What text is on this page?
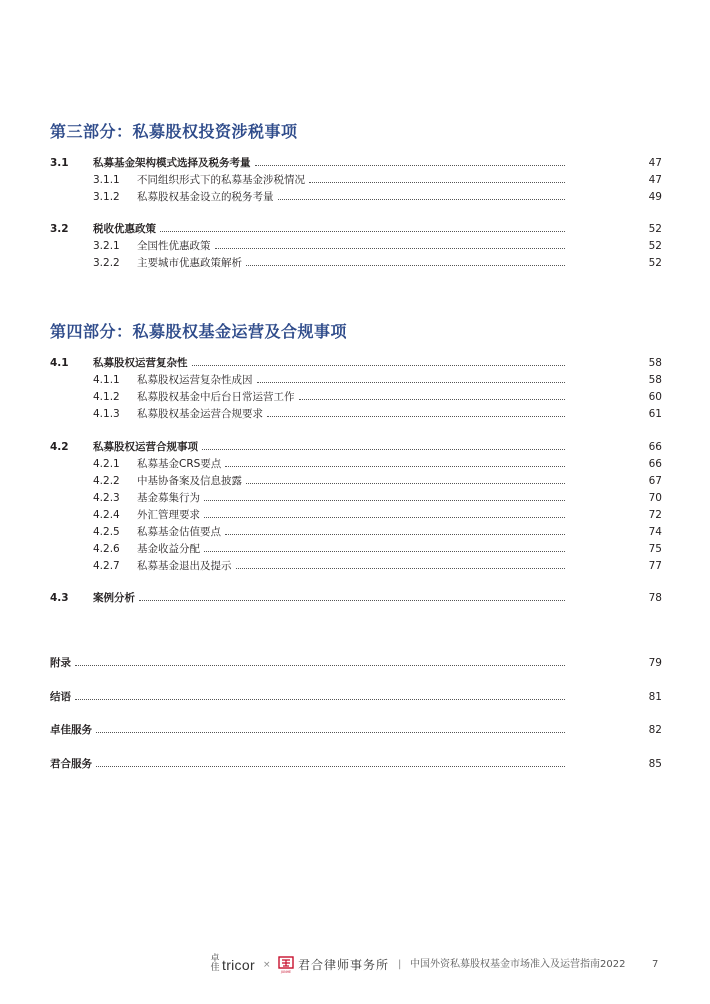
第三部分：私募股权投资涉税事项
3.1 私募基金架构模式选择及税务考量	47
3.1.1 不同组织形式下的私募基金涉税情况	47
3.1.2 私募股权基金设立的税务考量	49
3.2 税收优惠政策	52
3.2.1 全国性优惠政策	52
3.2.2 主要城市优惠政策解析	52
第四部分：私募股权基金运营及合规事项
4.1 私募股权运营复杂性	58
4.1.1 私募股权运营复杂性成因	58
4.1.2 私募股权基金中后台日常运营工作	60
4.1.3 私募股权基金运营合规要求	61
4.2 私募股权运营合规事项	66
4.2.1 私募基金CRS要点	66
4.2.2 中基协备案及信息披露	67
4.2.3 基金募集行为	70
4.2.4 外汇管理要求	72
4.2.5 私募基金估值要点	74
4.2.6 基金收益分配	75
4.2.7 私募基金退出及提示	77
4.3 案例分析	78
附录	79
结语	81
卓佳服务	82
君合服务	85
卓
佳 tricor ×
JUNHE 君合律师事务所 | 中国外资私募股权基金市场准入及运营指南2022	7
